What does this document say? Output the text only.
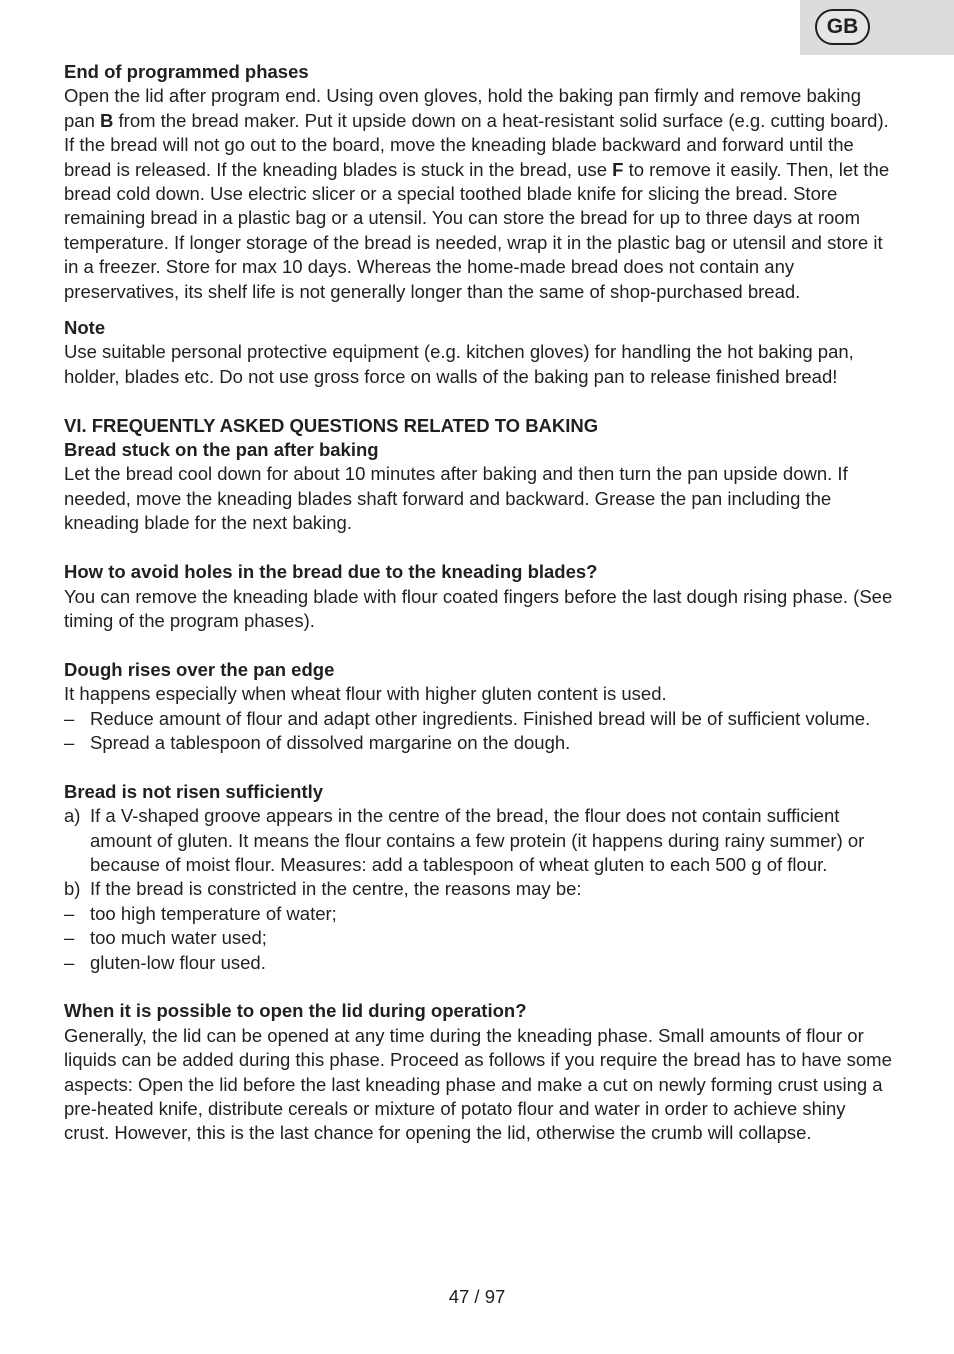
GB

End of programmed phases

Open the lid after program end. Using oven gloves, hold the baking pan firmly and remove baking pan B from the bread maker. Put it upside down on a heat-resistant solid surface (e.g. cutting board). If the bread will not go out to the board, move the kneading blade backward and forward until the bread is released. If the kneading blades is stuck in the bread, use F to remove it easily. Then, let the bread cold down. Use electric slicer or a special toothed blade knife for slicing the bread. Store remaining bread in a plastic bag or a utensil. You can store the bread for up to three days at room temperature. If longer storage of the bread is needed, wrap it in the plastic bag or utensil and store it in a freezer. Store for max 10 days. Whereas the home-made bread does not contain any preservatives, its shelf life is not generally longer than the same of shop-purchased bread.

Note

Use suitable personal protective equipment (e.g. kitchen gloves) for handling the hot baking pan, holder, blades etc. Do not use gross force on walls of the baking pan to release finished bread!

VI. FREQUENTLY ASKED QUESTIONS RELATED TO BAKING

Bread stuck on the pan after baking

Let the bread cool down for about 10 minutes after baking and then turn the pan upside down. If needed, move the kneading blades shaft forward and backward. Grease the pan including the kneading blade for the next baking.

How to avoid holes in the bread due to the kneading blades?

You can remove the kneading blade with flour coated fingers before the last dough rising phase. (See timing of the program phases).

Dough rises over the pan edge

It happens especially when wheat flour with higher gluten content is used.

– Reduce amount of flour and adapt other ingredients. Finished bread will be of sufficient volume.
– Spread a tablespoon of dissolved margarine on the dough.

Bread is not risen sufficiently

a) If a V-shaped groove appears in the centre of the bread, the flour does not contain sufficient amount of gluten. It means the flour contains a few protein (it happens during rainy summer) or because of moist flour. Measures: add a tablespoon of wheat gluten to each 500 g of flour.
b) If the bread is constricted in the centre, the reasons may be:
– too high temperature of water;
– too much water used;
– gluten-low flour used.

When it is possible to open the lid during operation?

Generally, the lid can be opened at any time during the kneading phase. Small amounts of flour or liquids can be added during this phase. Proceed as follows if you require the bread has to have some aspects: Open the lid before the last kneading phase and make a cut on newly forming crust using a pre-heated knife, distribute cereals or mixture of potato flour and water in order to achieve shiny crust. However, this is the last chance for opening the lid, otherwise the crumb will collapse.

47 / 97
